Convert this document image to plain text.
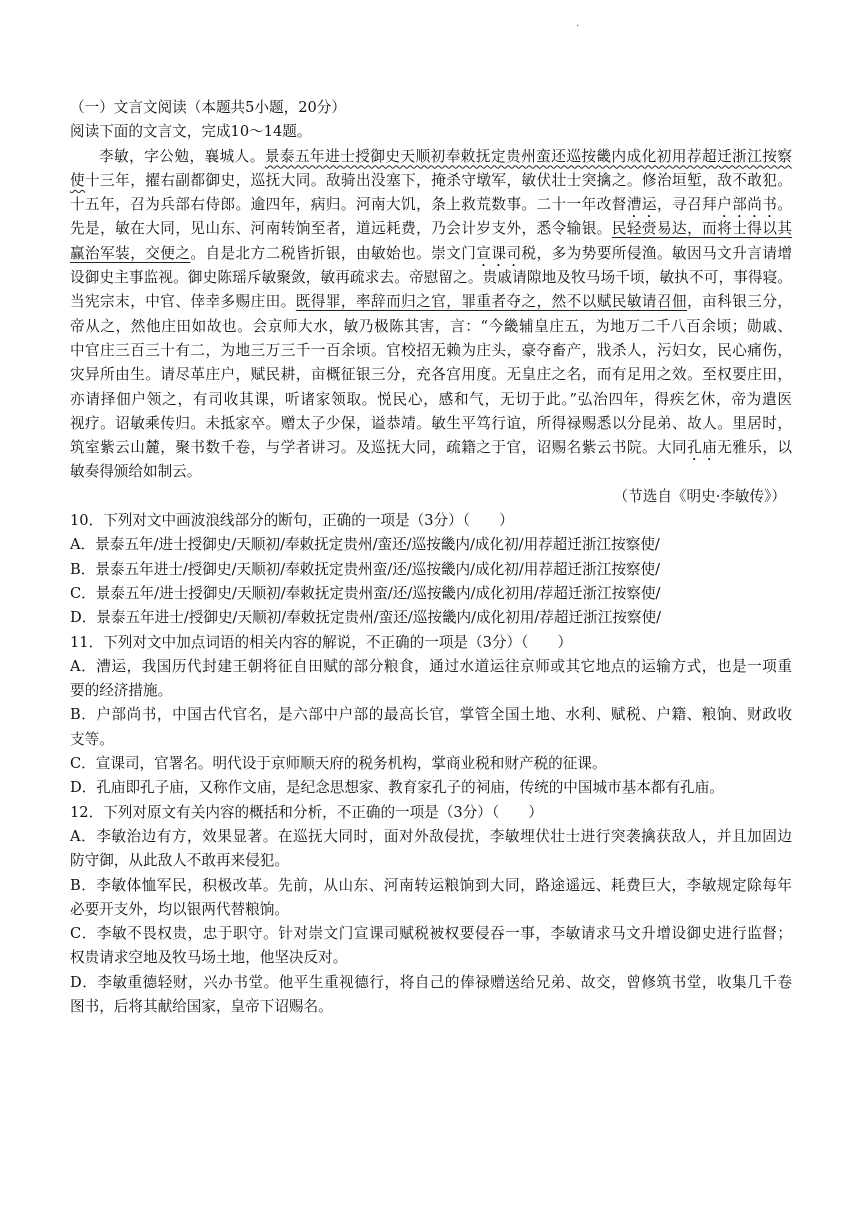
.
（一）文言文阅读（本题共5小题，20分）
阅读下面的文言文，完成10～14题。
李敏，字公勉，襄城人。景泰五年进士授御史天顺初奉敕抚定贵州蛮还巡按畿内成化初用荐超迁浙江按察
使十三年，擢右副都御史，巡抚大同。敌骑出没塞下，掩杀守墩军，敏伏壮士突擒之。修治垣堑，敌不敢犯。
十五年，召为兵部右侍郎。逾四年，病归。河南大饥，条上救荒数事。二十一年改督漕运，寻召拜户部尚书。
先是，敏在大同，见山东、河南转饷至者，道远耗费，乃会计岁支外，悉令输银。民轻赍易达，而将士得以其
赢治军装，交便之。自是北方二税皆折银，由敏始也。崇文门宣课司税，多为势要所侵渔。敏因马文升言请增
设御史主事监视。御史陈瑶斥敏聚敛，敏再疏求去。帝慰留之。贵戚请隙地及牧马场千顷，敏执不可，事得寝。
当宪宗末，中官、倖幸多赐庄田。既得罪，率辞而归之官，罪重者夺之，然不以赋民敏请召佃，亩科银三分，
帝从之，然他庄田如故也。会京师大水，敏乃极陈其害，言：“今畿辅皇庄五，为地万二千八百余顷；勋戚、
中官庄三百三十有二，为地三万三千一百余顷。官校招无赖为庄头，豪夺畜产，戕杀人，污妇女，民心痛伤，
灾异所由生。请尽革庄户，赋民耕，亩概征银三分，充各宫用度。无皇庄之名，而有足用之效。至权要庄田，
亦请择佃户领之，有司收其课，听诸家领取。悦民心，感和气，无切于此。”弘治四年，得疾乞休，帝为遣医
视疗。诏敏乘传归。未抵家卒。赠太子少保，谥恭靖。敏生平笃行谊，所得禄赐悉以分昆弟、故人。里居时，
筑室紫云山麓，聚书数千卷，与学者讲习。及巡抚大同，疏籍之于官，诏赐名紫云书院。大同孔庙无雅乐，以
敏奏得颁给如制云。
（节选自《明史·李敏传》）
10．下列对文中画波浪线部分的断句，正确的一项是（3分）（　　）
A．景泰五年/进士授御史/天顺初/奉敕抚定贵州/蛮还/巡按畿内/成化初/用荐超迁浙江按察使/
B．景泰五年进士/授御史/天顺初/奉敕抚定贵州蛮/还/巡按畿内/成化初/用荐超迁浙江按察使/
C．景泰五年/进士授御史/天顺初/奉敕抚定贵州蛮/还/巡按畿内/成化初用/荐超迁浙江按察使/
D．景泰五年进士/授御史/天顺初/奉敕抚定贵州/蛮还/巡按畿内/成化初用/荐超迁浙江按察使/
11．下列对文中加点词语的相关内容的解说，不正确的一项是（3分）（　　）
A．漕运，我国历代封建王朝将征自田赋的部分粮食，通过水道运往京师或其它地点的运输方式，也是一项重
要的经济措施。
B．户部尚书，中国古代官名，是六部中户部的最高长官，掌管全国土地、水利、赋税、户籍、粮饷、财政收
支等。
C．宣课司，官署名。明代设于京师顺天府的税务机构，掌商业税和财产税的征课。
D．孔庙即孔子庙，又称作文庙，是纪念思想家、教育家孔子的祠庙，传统的中国城市基本都有孔庙。
12．下列对原文有关内容的概括和分析，不正确的一项是（3分）（　　）
A．李敏治边有方，效果显著。在巡抚大同时，面对外敌侵扰，李敏埋伏壮士进行突袭擒获敌人，并且加固边
防守御，从此敌人不敢再来侵犯。
B．李敏体恤军民，积极改革。先前，从山东、河南转运粮饷到大同，路途遥远、耗费巨大，李敏规定除每年
必要开支外，均以银两代替粮饷。
C．李敏不畏权贵，忠于职守。针对崇文门宣课司赋税被权要侵吞一事，李敏请求马文升增设御史进行监督；
权贵请求空地及牧马场土地，他坚决反对。
D．李敏重德轻财，兴办书堂。他平生重视德行，将自己的俸禄赠送给兄弟、故交，曾修筑书堂，收集几千卷
图书，后将其献给国家，皇帝下诏赐名。
